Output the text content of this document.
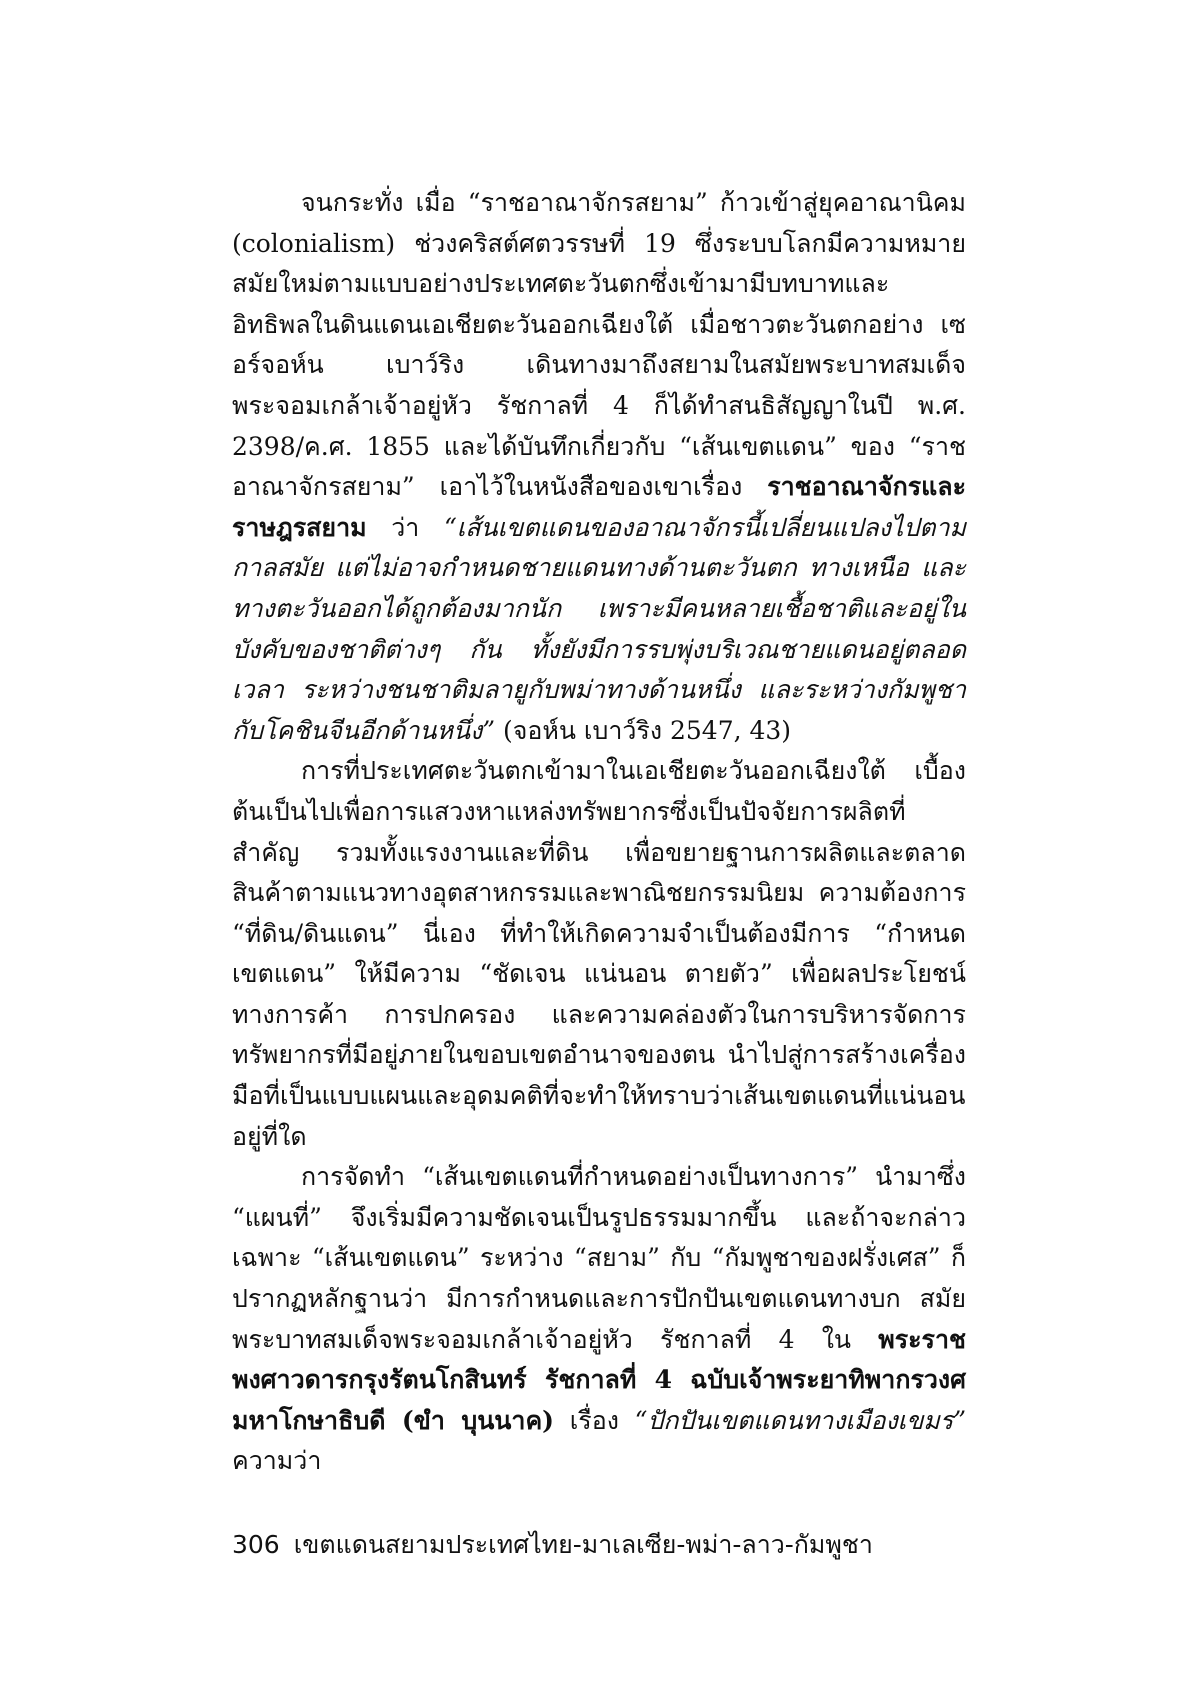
จนกระทั่ง เมื่อ “ราชอาณาจักรสยาม” ก้าวเข้าสู่ยุคอาณานิคม (colonialism) ช่วงคริสต์ศตวรรษที่ 19 ซึ่งระบบโลกมีความหมายสมัยใหม่ตามแบบอย่างประเทศตะวันตกซึ่งเข้ามามีบทบาทและอิทธิพลในดินแดนเอเชียตะวันออกเฉียงใต้ เมื่อชาวตะวันตกอย่าง เซอร์จอห์น เบาว์ริง เดินทางมาถึงสยามในสมัยพระบาทสมเด็จพระจอมเกล้าเจ้าอยู่หัว รัชกาลที่ 4 ก็ได้ทำสนธิสัญญาในปี พ.ศ. 2398/ค.ศ. 1855 และได้บันทึกเกี่ยวกับ “เส้นเขตแดน” ของ “ราชอาณาจักรสยาม” เอาไว้ในหนังสือของเขาเรื่อง ราชอาณาจักรและราษฎรสยาม ว่า “เส้นเขตแดนของอาณาจักรนี้เปลี่ยนแปลงไปตามกาลสมัย แต่ไม่อาจกำหนดชายแดนทางด้านตะวันตก ทางเหนือ และทางตะวันออกได้ถูกต้องมากนัก เพราะมีคนหลายเชื้อชาติและอยู่ในบังคับของชาติต่างๆ กัน ทั้งยังมีการรบพุ่งบริเวณชายแดนอยู่ตลอดเวลา ระหว่างชนชาติมลายูกับพม่าทางด้านหนึ่ง และระหว่างกัมพูชากับโคชินจีนอีกด้านหนึ่ง” (จอห์น เบาว์ริง 2547, 43)

การที่ประเทศตะวันตกเข้ามาในเอเชียตะวันออกเฉียงใต้ เบื้องต้นเป็นไปเพื่อการแสวงหาแหล่งทรัพยากรซึ่งเป็นปัจจัยการผลิตที่สำคัญ รวมทั้งแรงงานและที่ดิน เพื่อขยายฐานการผลิตและตลาดสินค้าตามแนวทางอุตสาหกรรมและพาณิชยกรรมนิยม ความต้องการ “ที่ดิน/ดินแดน” นี่เอง ที่ทำให้เกิดความจำเป็นต้องมีการ “กำหนดเขตแดน” ให้มีความ “ชัดเจน แน่นอน ตายตัว” เพื่อผลประโยชน์ทางการค้า การปกครอง และความคล่องตัวในการบริหารจัดการทรัพยากรที่มีอยู่ภายในขอบเขตอำนาจของตน นำไปสู่การสร้างเครื่องมือที่เป็นแบบแผนและอุดมคติที่จะทำให้ทราบว่าเส้นเขตแดนที่แน่นอนอยู่ที่ใด

การจัดทำ “เส้นเขตแดนที่กำหนดอย่างเป็นทางการ” นำมาซึ่ง “แผนที่” จึงเริ่มมีความชัดเจนเป็นรูปธรรมมากขึ้น และถ้าจะกล่าวเฉพาะ “เส้นเขตแดน” ระหว่าง “สยาม” กับ “กัมพูชาของฝรั่งเศส” ก็ปรากฏหลักฐานว่า มีการกำหนดและการปักปันเขตแดนทางบก สมัยพระบาทสมเด็จพระจอมเกล้าเจ้าอยู่หัว รัชกาลที่ 4 ใน พระราชพงศาวดารกรุงรัตนโกสินทร์ รัชกาลที่ 4 ฉบับเจ้าพระยาทิพากรวงศมหาโกษาธิบดี (ขำ บุนนาค) เรื่อง “ปักปันเขตแดนทางเมืองเขมร” ความว่า

306 เขตแดนสยามประเทศไทย-มาเลเซีย-พม่า-ลาว-กัมพูชา
